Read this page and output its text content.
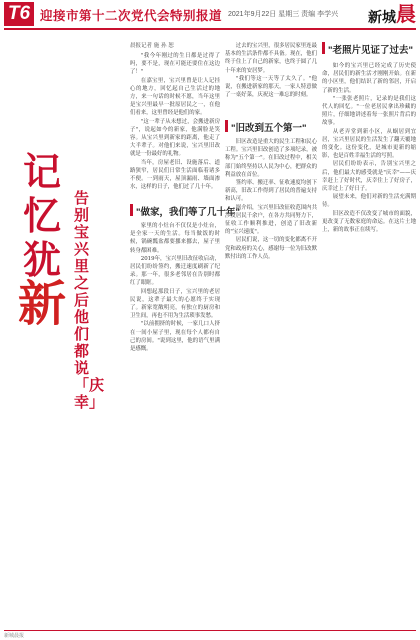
T6 迎接市第十二次党代会特别报道 2021年9月22日 星期三 责编 李学兴 新城 晨
记
忆
犹
新
告别宝兴里之后他们都说「庆幸」
晨报记者 施 孙 恕

"我今年刚过的生日都是过得了吗，要不是，现在可能还要住在这边了！"

在嘉宝里，宝兴里曾是让人记挂心的地方，回忆起自己生活过的地方，来一句话的时候不愿，当年这里是宝兴里最早一批原居民之一，在他们看来，这里曾经是他们的家。

"这一辈子从未想过，会搬进新房子"，说起如今的新家，他满脸是笑容。从宝兴里到新家的距离，他走了大半辈子。对他们来说，宝兴里旧改就是一份最好的礼物。

当年，房屋老旧、设施落后、道路狭窄，居民们日常生活面临着诸多不便。一到雨天，屋顶漏雨、墙面渗水，这样的日子，他们过了几十年。

"做家，我们等了几十年"

家里的小灶台不仅仅是小灶台，是全家一天的生活。每当做饭的时候，锅碗瓢盆都要挪来挪去，屋子里转身都困难。

2019年，宝兴里旧改征收启动，居民们纷纷签约，搬迁速度刷新了纪录。那一年，很多老邻居在告别时都红了眼眶。

回想起那段日子，宝兴里的老居民说，这辈子最大的心愿终于实现了。新家宽敞明亮，有独立的厨房和卫生间，再也不用为生活琐事发愁。

"以前拥挤的时候，一家几口人挤在一间小屋子里，现在每个人都有自己的房间。"说到这里，他的语气里满是感慨。

过去的宝兴里，很多居民家里连最基本的生活条件都不具备。现在，他们终于住上了自己的新家，也终于圆了几十年来的安居梦。

"我们等这一天等了太久了。"他说，在搬进新家的那天，一家人特意做了一桌好菜，庆祝这一难忘的时刻。

"旧改到五个第一"

旧区改造是重大的民生工程和民心工程。宝兴里旧改创造了多项纪录，被称为"五个第一"。在旧改过程中，相关部门始终坚持以人民为中心，把群众的利益放在首位。

签约率、搬迁率、征收速度均创下新高，旧改工作得到了居民的普遍支持和认可。

据介绍，宝兴里旧改征收范围内共涉及居民千余户，在各方共同努力下，征收工作顺利推进，创造了旧改新的"宝兴速度"。

居民们说，这一切的变化都离不开党和政府的关心，感谢每一位为旧改默默付出的工作人员。

"老照片见证了过去"

如今的宝兴里已经完成了历史使命，居民们的新生活才刚刚开始。在新的小区里，他们结识了新的邻居，开启了新的生活。

"一张张老照片，记录的是我们这代人的回忆。"一位老居民拿出珍藏的照片，仔细地讲述着每一张照片背后的故事。

从老弄堂到新小区，从蜗居到宜居，宝兴里居民的生活发生了翻天覆地的变化。这份变化，是城市更新的缩影，也是百姓幸福生活的写照。

居民们纷纷表示，告别宝兴里之后，他们最大的感受就是"庆幸"——庆幸赶上了好时代，庆幸住上了好房子，庆幸过上了好日子。

展望未来，他们对新的生活充满期待。

旧区改造不仅改变了城市的面貌，更改变了无数家庭的命运。在这片土地上，新的故事正在续写。

新城晨报
